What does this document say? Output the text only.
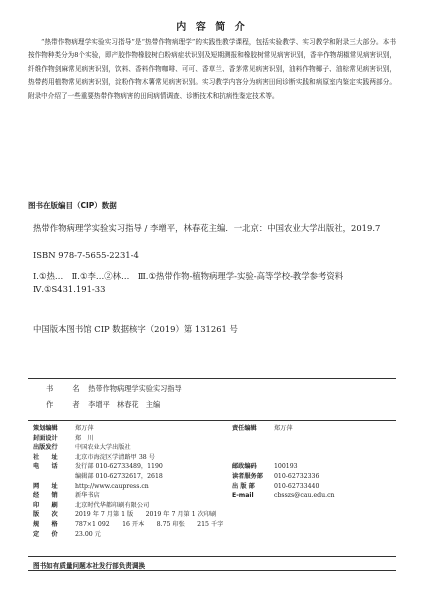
内 容 简 介

“热带作物病理学实验实习指导”是“热带作物病理学”的实践性教学课程，包括实验教学、实习教学和附录三大部分。本书按作物种类分为8个实验，即产胶作物橡胶树白粉病症状识别及短期测报和橡胶树常见病害识别，香辛作物胡椒常见病害识别，纤维作物剑麻常见病害识别，饮料、香料作物咖啡、可可、香草兰、香茅常见病害识别，油料作物椰子、油棕常见病害识别，热带药用植物常见病害识别，淀粉作物木薯常见病害识别。实习教学内容分为病害田间诊断实践和病原室内鉴定实践两部分。附录中介绍了一些重要热带作物病害的田间病情调查、诊断技术和抗病性鉴定技术等。

图书在版编目（CIP）数据
热带作物病理学实验实习指导 / 李增平，林春花主编．一北京：中国农业大学出版社，2019.7
ISBN 978-7-5655-2231-4
Ⅰ.①热…　Ⅱ.①李…②林…　Ⅲ.①热带作物-植物病理学-实验-高等学校-教学参考资料　Ⅳ.①S431.191-33
中国版本图书馆 CIP 数据核字（2019）第 131261 号
书　名 热带作物病理学实验实习指导
作　者 李增平　林春花　主编
策划编辑	郑万萍
封面设计	郑　川
出版发行	中国农业大学出版社
社　　址	北京市海淀区学清路甲 38 号
电　　话	发行部 010-62733489，1190
编辑部 010-62732617，2618
网　　址	http://www.caupress.cn
经　　销	新华书店
印　　刷	北京时代华都印刷有限公司
版　　次	2019 年 7 月第 1 版　　2019 年 7 月第 1 次印刷
规　　格	787×1 092　　16 开本　　8.75 印张　　215 千字
定　　价	23.00 元
责任编辑	郑万萍
邮政编码	100193
读者服务部 010-62732336
出 版 部	010-62733440
E-mail	cbsszs@cau.edu.cn
图书如有质量问题本社发行部负责调换
